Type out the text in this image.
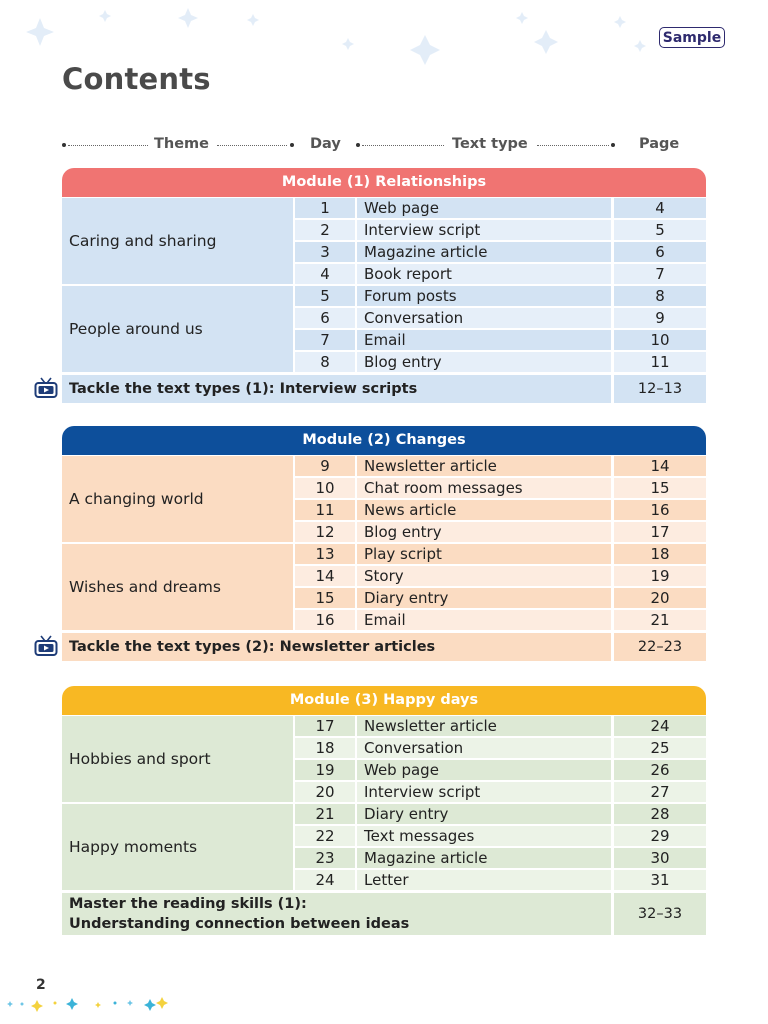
Sample
Contents
Theme	Day	Text type	Page
Module (1) Relationships
Caring and sharing
1	Web page	4
2	Interview script	5
3	Magazine article	6
4	Book report	7
People around us
5	Forum posts	8
6	Conversation	9
7	Email	10
8	Blog entry	11
Tackle the text types (1): Interview scripts	12–13
Module (2) Changes
A changing world
9	Newsletter article	14
10	Chat room messages	15
11	News article	16
12	Blog entry	17
Wishes and dreams
13	Play script	18
14	Story	19
15	Diary entry	20
16	Email	21
Tackle the text types (2): Newsletter articles	22–23
Module (3) Happy days
Hobbies and sport
17	Newsletter article	24
18	Conversation	25
19	Web page	26
20	Interview script	27
Happy moments
21	Diary entry	28
22	Text messages	29
23	Magazine article	30
24	Letter	31
Master the reading skills (1):
Understanding connection between ideas
32–33
2
